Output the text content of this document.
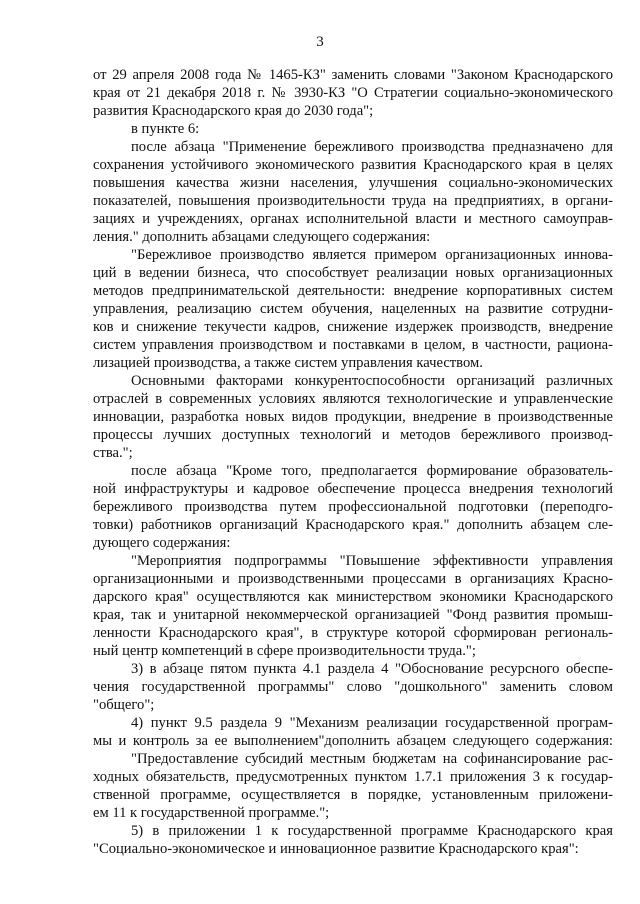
3
от 29 апреля 2008 года № 1465-КЗ" заменить словами "Законом Краснодарского
края от 21 декабря 2018 г. № 3930-КЗ "О Стратегии социально-экономического
развития Краснодарского края до 2030 года";
в пункте 6:
после абзаца "Применение бережливого производства предназначено для
сохранения устойчивого экономического развития Краснодарского края в целях
повышения качества жизни населения, улучшения социально-экономических
показателей, повышения производительности труда на предприятиях, в органи-
зациях и учреждениях, органах исполнительной власти и местного самоуправ-
ления." дополнить абзацами следующего содержания:
"Бережливое производство является примером организационных иннова-
ций в ведении бизнеса, что способствует реализации новых организационных
методов предпринимательской деятельности: внедрение корпоративных систем
управления, реализацию систем обучения, нацеленных на развитие сотрудни-
ков и снижение текучести кадров, снижение издержек производств, внедрение
систем управления производством и поставками в целом, в частности, рациона-
лизацией производства, а также систем управления качеством.
Основными факторами конкурентоспособности организаций различных
отраслей в современных условиях являются технологические и управленческие
инновации, разработка новых видов продукции, внедрение в производственные
процессы лучших доступных технологий и методов бережливого производ-
ства.";
после абзаца "Кроме того, предполагается формирование образователь-
ной инфраструктуры и кадровое обеспечение процесса внедрения технологий
бережливого производства путем профессиональной подготовки (переподго-
товки) работников организаций Краснодарского края." дополнить абзацем сле-
дующего содержания:
"Мероприятия подпрограммы "Повышение эффективности управления
организационными и производственными процессами в организациях Красно-
дарского края" осуществляются как министерством экономики Краснодарского
края, так и унитарной некоммерческой организацией "Фонд развития промыш-
ленности Краснодарского края", в структуре которой сформирован региональ-
ный центр компетенций в сфере производительности труда.";
3) в абзаце пятом пункта 4.1 раздела 4 "Обоснование ресурсного обеспе-
чения государственной программы" слово "дошкольного" заменить словом
"общего";
4) пункт 9.5 раздела 9 "Механизм реализации государственной програм-
мы и контроль за ее выполнением"дополнить абзацем следующего содержания:
"Предоставление субсидий местным бюджетам на софинансирование рас-
ходных обязательств, предусмотренных пунктом 1.7.1 приложения 3 к государ-
ственной программе, осуществляется в порядке, установленным приложени-
ем 11 к государственной программе.";
5) в приложении 1 к государственной программе Краснодарского края
"Социально-экономическое и инновационное развитие Краснодарского края":
